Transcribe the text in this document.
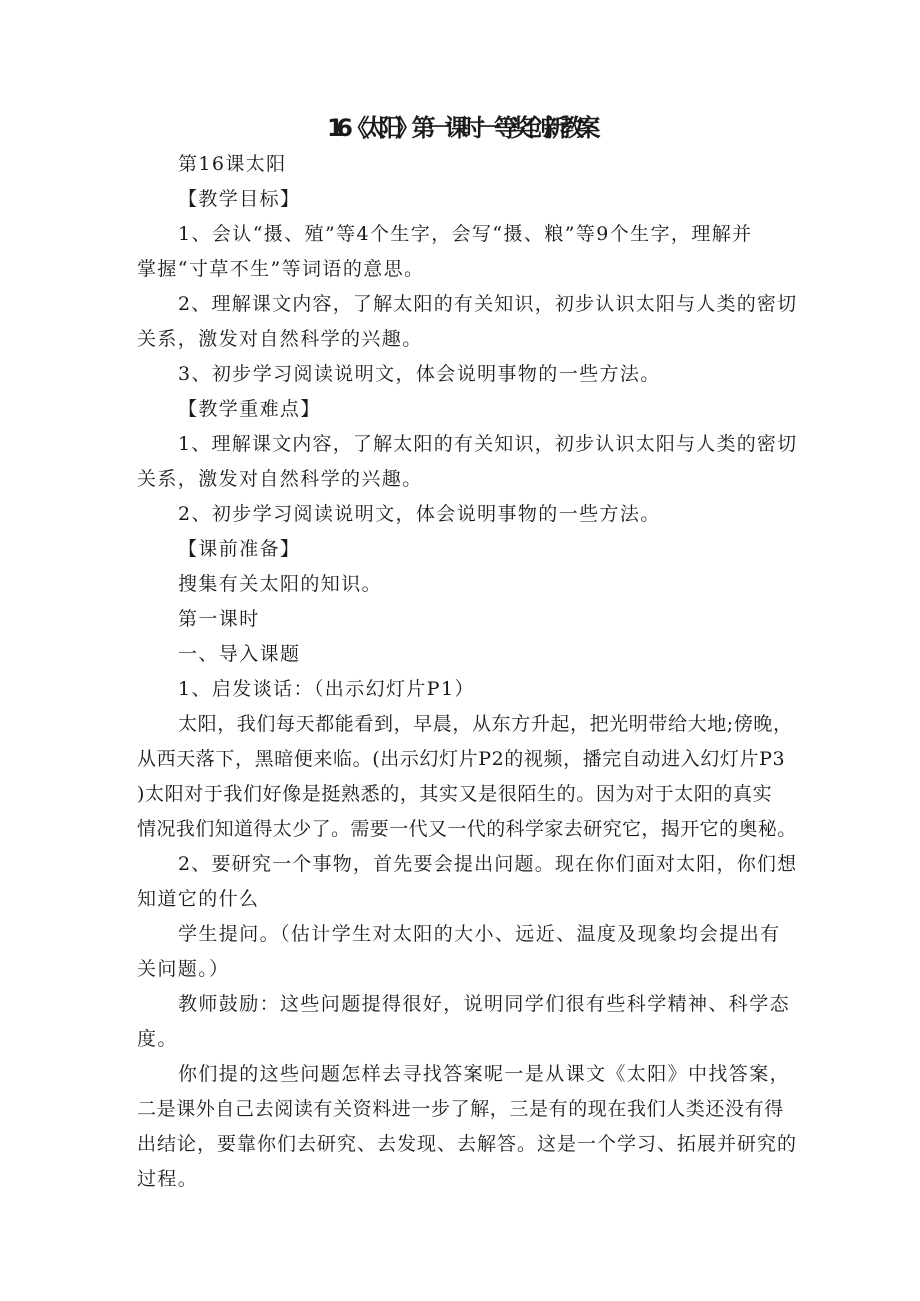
16《太阳》第一课时一等奖创新教案
第16课太阳
【教学目标】
1、会认“摄、殖”等4个生字，会写“摄、粮”等9个生字，理解并
掌握“寸草不生”等词语的意思。
2、理解课文内容，了解太阳的有关知识，初步认识太阳与人类的密切
关系，激发对自然科学的兴趣。
3、初步学习阅读说明文，体会说明事物的一些方法。
【教学重难点】
1、理解课文内容，了解太阳的有关知识，初步认识太阳与人类的密切
关系，激发对自然科学的兴趣。
2、初步学习阅读说明文，体会说明事物的一些方法。
【课前准备】
搜集有关太阳的知识。
第一课时
一、导入课题
1、启发谈话：（出示幻灯片P1）
太阳，我们每天都能看到，早晨，从东方升起，把光明带给大地;傍晚，
从西天落下，黑暗便来临。(出示幻灯片P2的视频，播完自动进入幻灯片P3
)太阳对于我们好像是挺熟悉的，其实又是很陌生的。因为对于太阳的真实
情况我们知道得太少了。需要一代又一代的科学家去研究它，揭开它的奥秘。
2、要研究一个事物，首先要会提出问题。现在你们面对太阳，你们想
知道它的什么
学生提问。（估计学生对太阳的大小、远近、温度及现象均会提出有
关问题。）
教师鼓励：这些问题提得很好，说明同学们很有些科学精神、科学态
度。
你们提的这些问题怎样去寻找答案呢一是从课文《太阳》中找答案，
二是课外自己去阅读有关资料进一步了解，三是有的现在我们人类还没有得
出结论，要靠你们去研究、去发现、去解答。这是一个学习、拓展并研究的
过程。
